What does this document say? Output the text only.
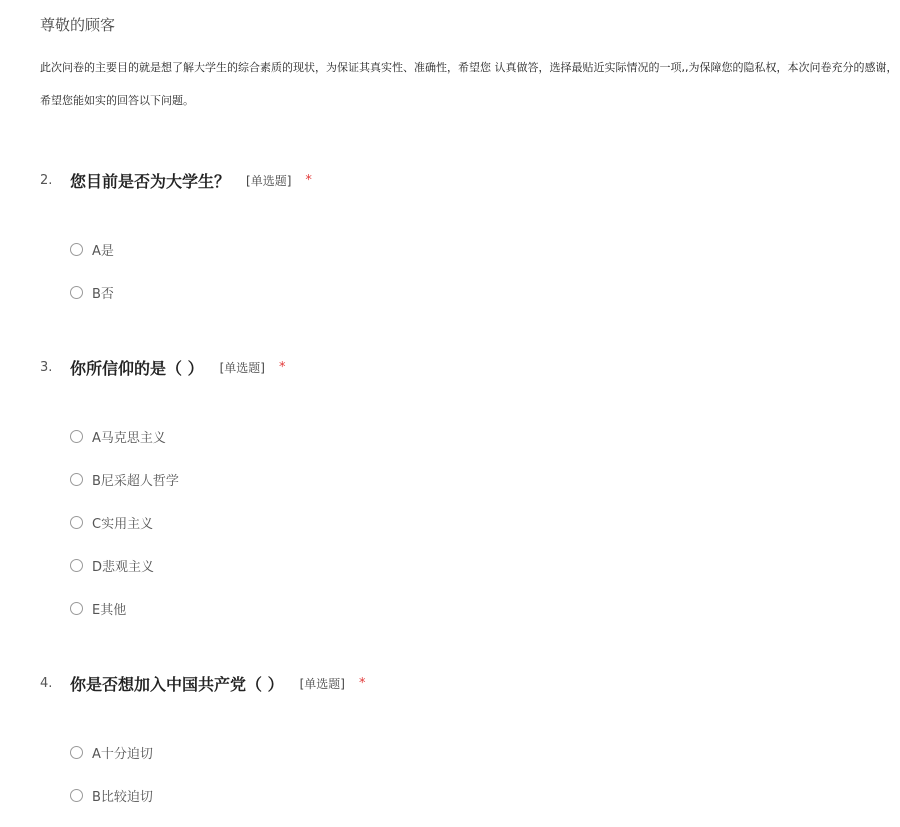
尊敬的顾客

此次问卷的主要目的就是想了解大学生的综合素质的现状，为保证其真实性、准确性，希望您 认真做答，选择最贴近实际情况的一项,,为保障您的隐私权，本次问卷充分的感谢，希望您能如实的回答以下问题。
2.	您目前是否为大学生？ [单选题] *
A是
B否
3.	你所信仰的是（ ） [单选题] *
A马克思主义
B尼采超人哲学
C实用主义
D悲观主义
E其他
4.	你是否想加入中国共产党（ ） [单选题] *
A十分迫切
B比较迫切
